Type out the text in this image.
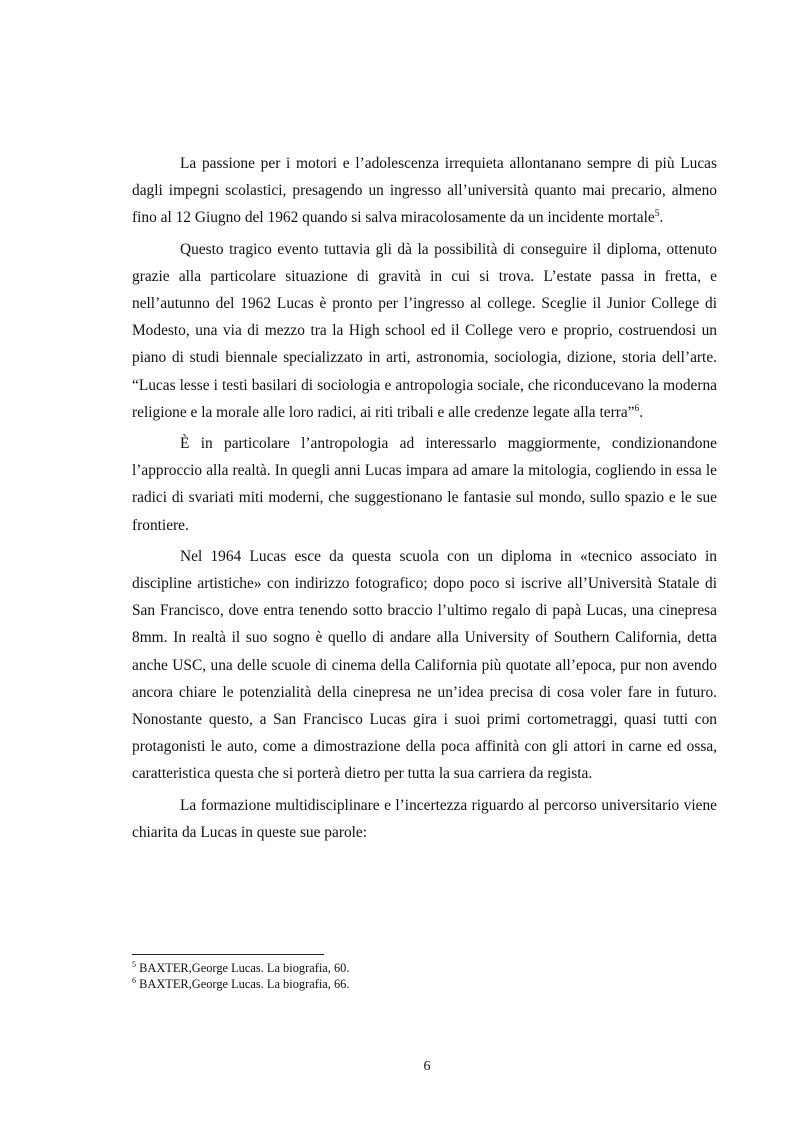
La passione per i motori e l’adolescenza irrequieta allontanano sempre di più Lucas dagli impegni scolastici, presagendo un ingresso all’università quanto mai precario, almeno fino al 12 Giugno del 1962 quando si salva miracolosamente da un incidente mortale$^5$.

Questo tragico evento tuttavia gli dà la possibilità di conseguire il diploma, ottenuto grazie alla particolare situazione di gravità in cui si trova. L’estate passa in fretta, e nell’autunno del 1962 Lucas è pronto per l’ingresso al college. Sceglie il Junior College di Modesto, una via di mezzo tra la High school ed il College vero e proprio, costruendosi un piano di studi biennale specializzato in arti, astronomia, sociologia, dizione, storia dell’arte. “Lucas lesse i testi basilari di sociologia e antropologia sociale, che riconducevano la moderna religione e la morale alle loro radici, ai riti tribali e alle credenze legate alla terra”$^6$.

È in particolare l’antropologia ad interessarlo maggiormente, condizionandone l’approccio alla realtà. In quegli anni Lucas impara ad amare la mitologia, cogliendo in essa le radici di svariati miti moderni, che suggestionano le fantasie sul mondo, sullo spazio e le sue frontiere.

Nel 1964 Lucas esce da questa scuola con un diploma in «tecnico associato in discipline artistiche» con indirizzo fotografico; dopo poco si iscrive all’Università Statale di San Francisco, dove entra tenendo sotto braccio l’ultimo regalo di papà Lucas, una cinepresa 8mm. In realtà il suo sogno è quello di andare alla University of Southern California, detta anche USC, una delle scuole di cinema della California più quotate all’epoca, pur non avendo ancora chiare le potenzialità della cinepresa ne un’idea precisa di cosa voler fare in futuro. Nonostante questo, a San Francisco Lucas gira i suoi primi cortometraggi, quasi tutti con protagonisti le auto, come a dimostrazione della poca affinità con gli attori in carne ed ossa, caratteristica questa che si porterà dietro per tutta la sua carriera da regista.

La formazione multidisciplinare e l’incertezza riguardo al percorso universitario viene chiarita da Lucas in queste sue parole:

$^5$ BAXTER,George Lucas. La biografia, 60.
$^6$ BAXTER,George Lucas. La biografia, 66.
6
